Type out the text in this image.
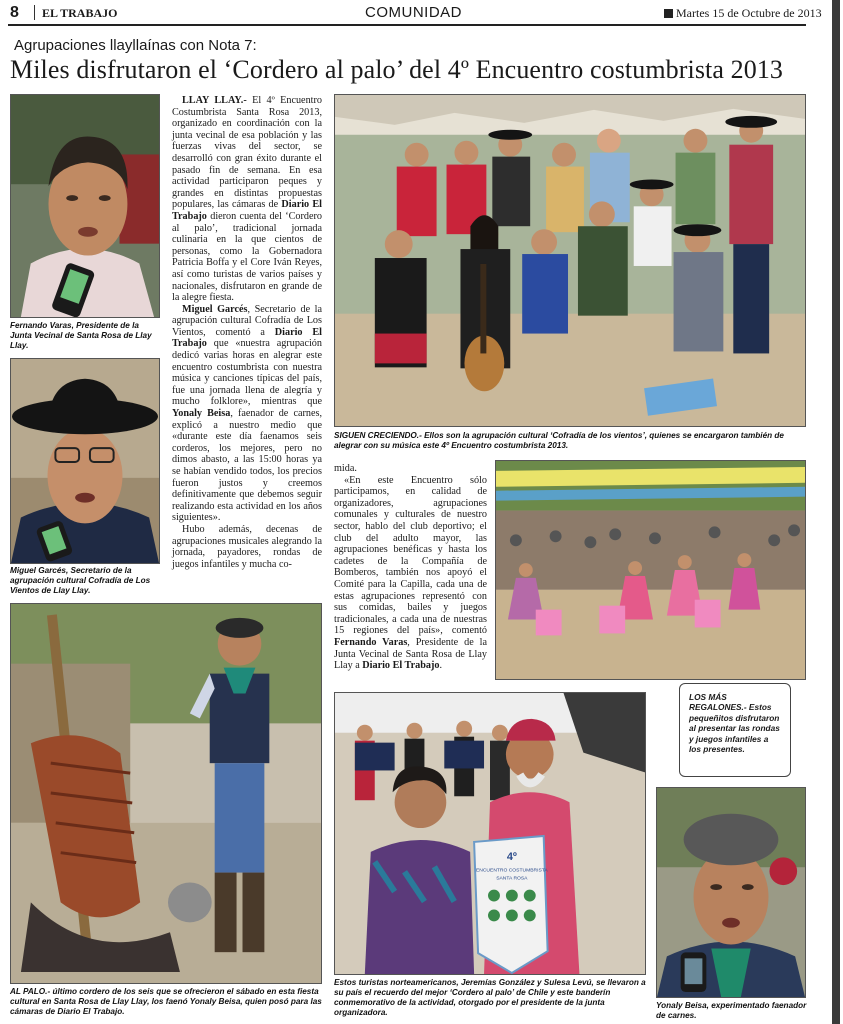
8 EL TRABAJO	COMUNIDAD	Martes 15 de Octubre de 2013
Agrupaciones llayllaínas con Nota 7:
Miles disfrutaron el ‘Cordero al palo’ del 4º Encuentro costumbrista 2013
Fernando Varas, Presidente de la Junta Vecinal de Santa Rosa de Llay Llay.
Miguel Garcés, Secretario de la agrupación cultural Cofradía de Los Vientos de Llay Llay.

LLAY LLAY.- El 4º Encuentro Costumbrista Santa Rosa 2013, organizado en coordinación con la junta vecinal de esa población y las fuerzas vivas del sector, se desarrolló con gran éxito durante el pasado fin de semana. En esa actividad participaron peques y grandes en distintas propuestas populares, las cámaras de Diario El Trabajo dieron cuenta del ‘Cordero al palo’, tradicional jornada culinaria en la que cientos de personas, como la Gobernadora Patricia Boffa y el Core Iván Reyes, así como turistas de varios países y nacionales, disfrutaron en grande de la alegre fiesta.

Miguel Garcés, Secretario de la agrupación cultural Cofradía de Los Vientos, comentó a Diario El Trabajo que «nuestra agrupación dedicó varias horas en alegrar este encuentro costumbrista con nuestra música y canciones típicas del país, fue una jornada llena de alegría y mucho folklore», mientras que Yonaly Beisa, faenador de carnes, explicó a nuestro medio que «durante este día faenamos seis corderos, los mejores, pero no dimos abasto, a las 15:00 horas ya se habían vendido todos, los precios fueron justos y creemos definitivamente que debemos seguir realizando esta actividad en los años siguientes».

Hubo además, decenas de agrupaciones musicales alegrando la jornada, payadores, rondas de juegos infantiles y mucha co-

SIGUEN CRECIENDO.- Ellos son la agrupación cultural ‘Cofradía de los vientos’, quienes se encargaron también de alegrar con su música este 4º Encuentro costumbrista 2013.

mida.

«En este Encuentro sólo participamos, en calidad de organizadores, agrupaciones comunales y culturales de nuestro sector, hablo del club deportivo; el club del adulto mayor, las agrupaciones benéficas y hasta los cadetes de la Compañía de Bomberos, también nos apoyó el Comité para la Capilla, cada una de estas agrupaciones representó con sus comidas, bailes y juegos tradicionales, a cada una de nuestras 15 regiones del país», comentó Fernando Varas, Presidente de la Junta Vecinal de Santa Rosa de Llay Llay a Diario El Trabajo.

LOS MÁS REGALONES.- Estos pequeñitos disfrutaron al presentar las rondas y juegos infantiles a los presentes.
AL PALO.- último cordero de los seis que se ofrecieron el sábado en esta fiesta cultural en Santa Rosa de Llay Llay, los faenó Yonaly Beisa, quien posó para las cámaras de Diario El Trabajo.
4º
ENCUENTRO COSTUMBRISTA
SANTA ROSA
Estos turistas norteamericanos, Jeremías González y Sulesa Levú, se llevaron a su país el recuerdo del mejor ‘Cordero al palo’ de Chile y este banderín conmemorativo de la actividad, otorgado por el presidente de la junta organizadora.
Yonaly Beisa, experimentado faenador de carnes.
